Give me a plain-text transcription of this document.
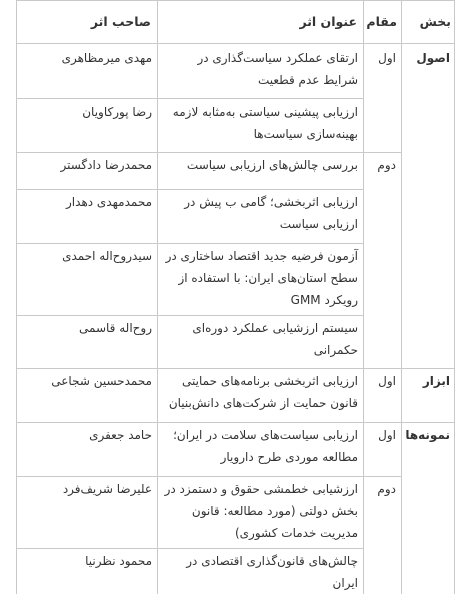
بخش
مقام
عنوان اثر
صاحب اثر
اصول
ابزار
نمونه‌ها
اول
دوم
اول
اول
دوم
ارتقای عملکرد سیاست‌گذاری در شرایط عدم قطعیت
ارزیابی پیشینی سیاستی به‌مثابه لازمه بهینه‌سازی سیاست‌ها
بررسی چالش‌های ارزیابی سیاست
ارزیابی اثربخشی؛ گامی ب پیش در ارزیابی سیاست
آزمون فرضیه جدید اقتصاد ساختاری در سطح استان‌های ایران: با استفاده از رویکرد GMM
سیستم ارزشیابی عملکرد دوره‌ای حکمرانی
ارزیابی اثربخشی برنامه‌های حمایتی قانون حمایت از شرکت‌های دانش‌بنیان
ارزیابی سیاست‌های سلامت در ایران؛ مطالعه موردی طرح دارویار
ارزشیابی خطمشی حقوق و دستمزد در بخش دولتی (مورد مطالعه: قانون مدیریت خدمات کشوری)
چالش‌های قانون‌گذاری اقتصادی در ایران
مهدی میرمظاهری
رضا پورکاویان
محمدرضا دادگستر
محمدمهدی دهدار
سیدروح‌اله احمدی
روح‌اله قاسمی
محمدحسین شجاعی
حامد جعفری
علیرضا شریف‌فرد
محمود نظرنیا
